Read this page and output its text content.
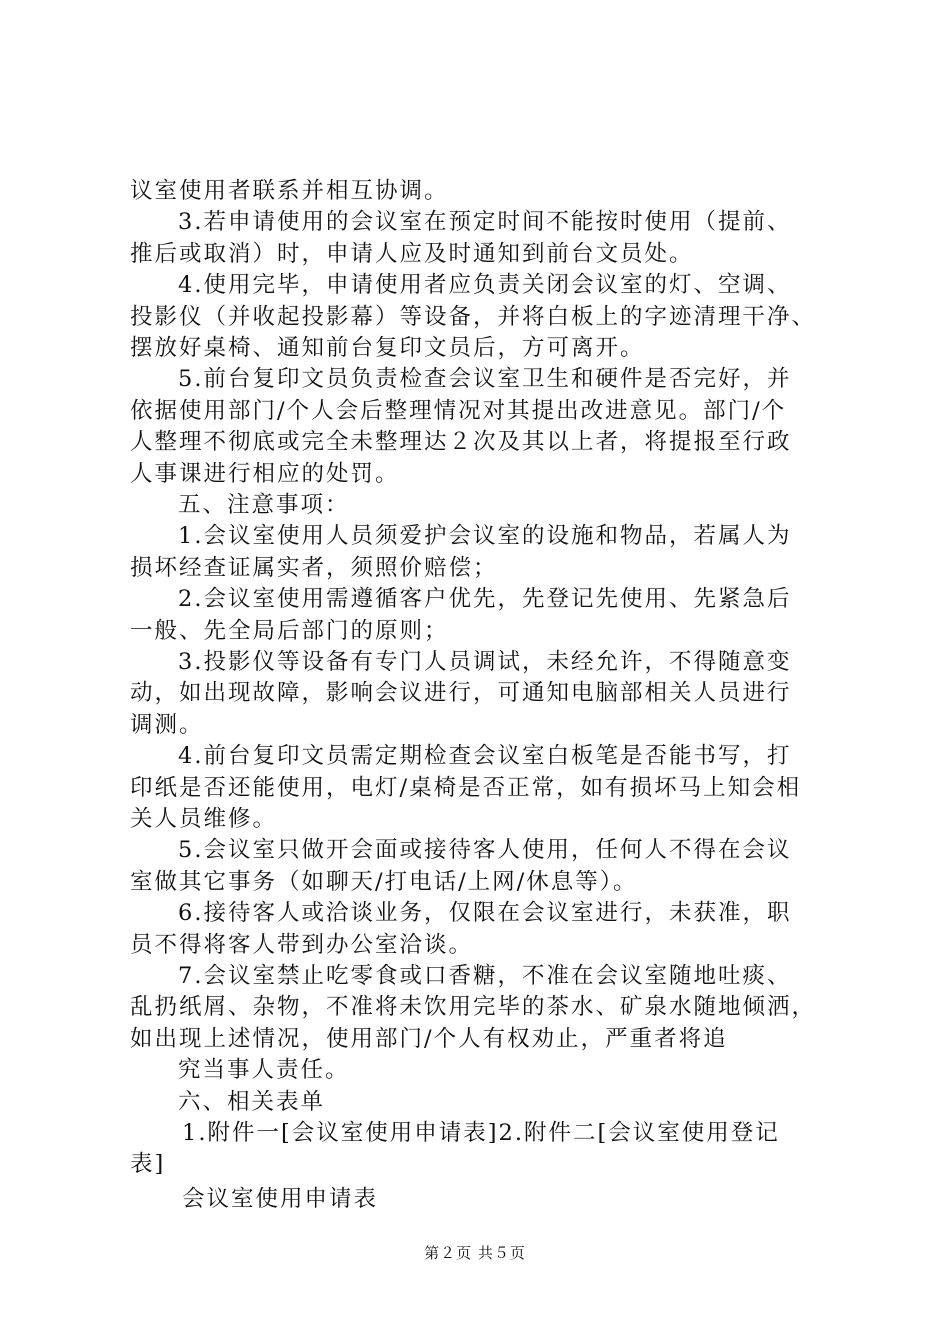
议室使用者联系并相互协调。
3.若申请使用的会议室在预定时间不能按时使用（提前、
推后或取消）时，申请人应及时通知到前台文员处。
4.使用完毕，申请使用者应负责关闭会议室的灯、空调、
投影仪（并收起投影幕）等设备，并将白板上的字迹清理干净、
摆放好桌椅、通知前台复印文员后，方可离开。
5.前台复印文员负责检查会议室卫生和硬件是否完好，并
依据使用部门/个人会后整理情况对其提出改进意见。部门/个
人整理不彻底或完全未整理达２次及其以上者，将提报至行政
人事课进行相应的处罚。
五、注意事项：
1.会议室使用人员须爱护会议室的设施和物品，若属人为
损坏经查证属实者，须照价赔偿；
2.会议室使用需遵循客户优先，先登记先使用、先紧急后
一般、先全局后部门的原则；
3.投影仪等设备有专门人员调试，未经允许，不得随意变
动，如出现故障，影响会议进行，可通知电脑部相关人员进行
调测。
4.前台复印文员需定期检查会议室白板笔是否能书写，打
印纸是否还能使用，电灯/桌椅是否正常，如有损坏马上知会相
关人员维修。
5.会议室只做开会面或接待客人使用，任何人不得在会议
室做其它事务（如聊天/打电话/上网/休息等）。
6.接待客人或洽谈业务，仅限在会议室进行，未获准，职
员不得将客人带到办公室洽谈。
7.会议室禁止吃零食或口香糖，不准在会议室随地吐痰、
乱扔纸屑、杂物，不准将未饮用完毕的茶水、矿泉水随地倾洒，
如出现上述情况，使用部门/个人有权劝止，严重者将追
究当事人责任。
六、相关表单
1.附件一[会议室使用申请表]2.附件二[会议室使用登记
表]
会议室使用申请表
第２页 共５页
